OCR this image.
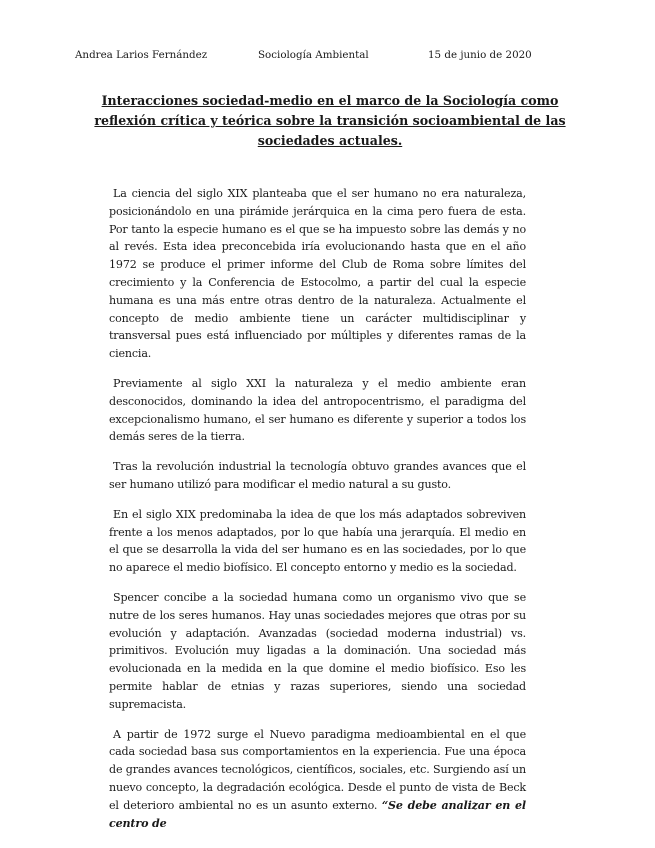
Andrea Larios Fernández	Sociología Ambiental	15 de junio de 2020
Interacciones sociedad-medio en el marco de la Sociología como reflexión crítica y teórica sobre la transición socioambiental de las sociedades actuales.

La ciencia del siglo XIX planteaba que el ser humano no era naturaleza, posicionándolo en una pirámide jerárquica en la cima pero fuera de esta. Por tanto la especie humano es el que se ha impuesto sobre las demás y no al revés. Esta idea preconcebida iría evolucionando hasta que en el año 1972 se produce el primer informe del Club de Roma sobre límites del crecimiento y la Conferencia de Estocolmo, a partir del cual la especie humana es una más entre otras dentro de la naturaleza. Actualmente el concepto de medio ambiente tiene un carácter multidisciplinar y transversal pues está influenciado por múltiples y diferentes ramas de la ciencia.

Previamente al siglo XXI la naturaleza y el medio ambiente eran desconocidos, dominando la idea del antropocentrismo, el paradigma del excepcionalismo humano, el ser humano es diferente y superior a todos los demás seres de la tierra.

Tras la revolución industrial la tecnología obtuvo grandes avances que el ser humano utilizó para modificar el medio natural a su gusto.

En el siglo XIX predominaba la idea de que los más adaptados sobreviven frente a los menos adaptados, por lo que había una jerarquía. El medio en el que se desarrolla la vida del ser humano es en las sociedades, por lo que no aparece el medio biofísico. El concepto entorno y medio es la sociedad.

Spencer concibe a la sociedad humana como un organismo vivo que se nutre de los seres humanos. Hay unas sociedades mejores que otras por su evolución y adaptación. Avanzadas (sociedad moderna industrial) vs. primitivos. Evolución muy ligadas a la dominación. Una sociedad más evolucionada en la medida en la que domine el medio biofísico. Eso les permite hablar de etnias y razas superiores, siendo una sociedad supremacista.

A partir de 1972 surge el Nuevo paradigma medioambiental en el que cada sociedad basa sus comportamientos en la experiencia. Fue una época de grandes avances tecnológicos, científicos, sociales, etc. Surgiendo así un nuevo concepto, la degradación ecológica. Desde el punto de vista de Beck el deterioro ambiental no es un asunto externo. “Se debe analizar en el centro de
